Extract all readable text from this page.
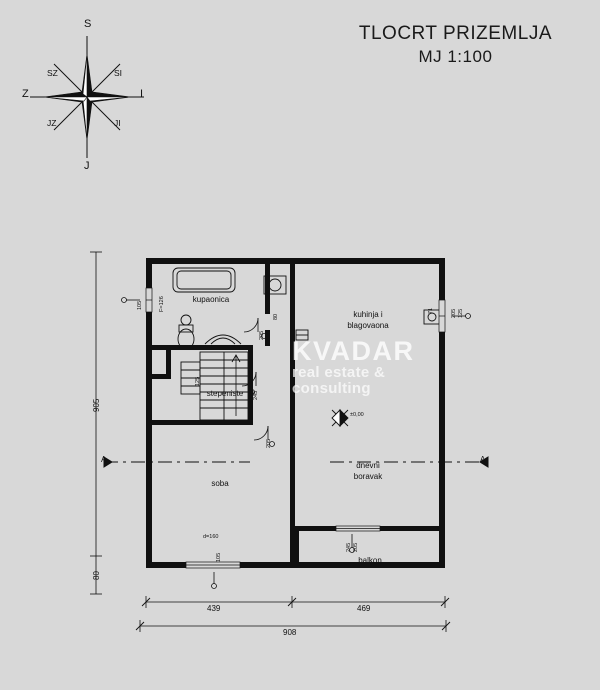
TLOCRT PRIZEMLJA
MJ 1:100
S
Z	I
J
SZ	SI
JZ	JI
kupaonica
kuhinja i
blagovaona
stepeniste
soba
dnevni
boravak
balkon
±0,00
A	A
439	469
908
905
80
105	F=126
125
205
245
205
80
71	205 125
d=160
105
245 205
KVADAR
real estate &
consulting
